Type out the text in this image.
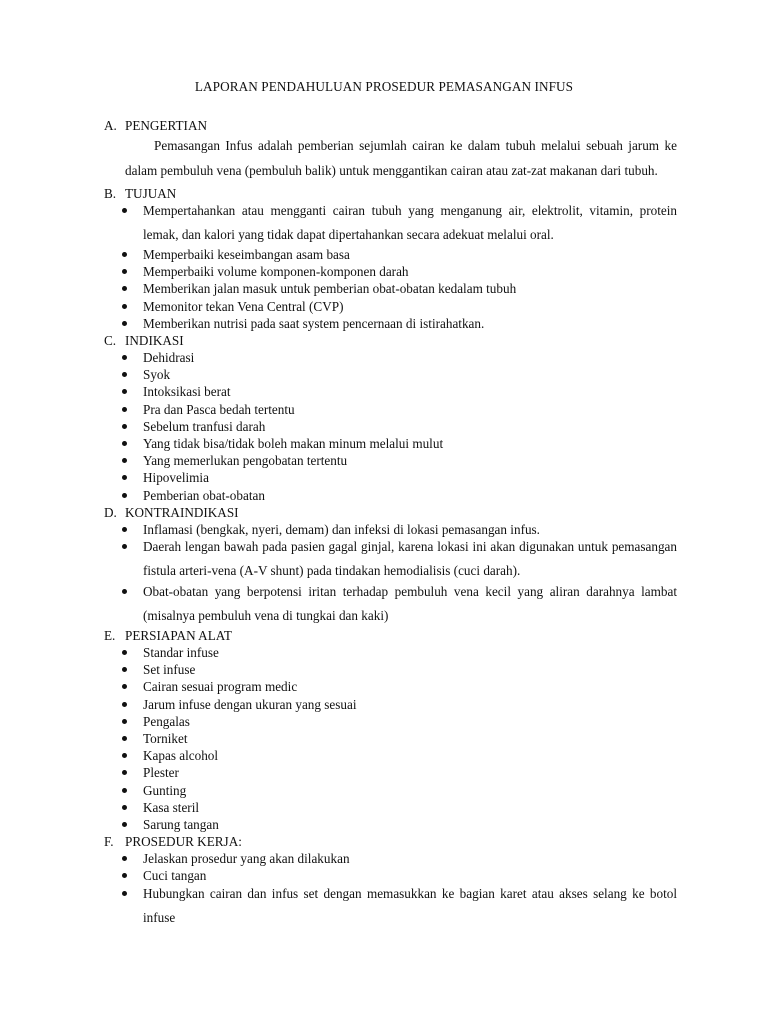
LAPORAN PENDAHULUAN PROSEDUR PEMASANGAN INFUS
A. PENGERTIAN
Pemasangan Infus adalah pemberian sejumlah cairan ke dalam tubuh melalui sebuah jarum ke dalam pembuluh vena (pembuluh balik) untuk menggantikan cairan atau zat-zat makanan dari tubuh.
B. TUJUAN
Mempertahankan atau mengganti cairan tubuh yang menganung air, elektrolit, vitamin, protein lemak, dan kalori yang tidak dapat dipertahankan secara adekuat melalui oral.
Memperbaiki keseimbangan asam basa
Memperbaiki volume komponen-komponen darah
Memberikan jalan masuk untuk pemberian obat-obatan kedalam tubuh
Memonitor tekan Vena Central (CVP)
Memberikan nutrisi pada saat system pencernaan di istirahatkan.
C. INDIKASI
Dehidrasi
Syok
Intoksikasi berat
Pra dan Pasca bedah tertentu
Sebelum tranfusi darah
Yang tidak bisa/tidak boleh makan minum melalui mulut
Yang memerlukan pengobatan tertentu
Hipovelimia
Pemberian obat-obatan
D. KONTRAINDIKASI
Inflamasi (bengkak, nyeri, demam) dan infeksi di lokasi pemasangan infus.
Daerah lengan bawah pada pasien gagal ginjal, karena lokasi ini akan digunakan untuk pemasangan fistula arteri-vena (A-V shunt) pada tindakan hemodialisis (cuci darah).
Obat-obatan yang berpotensi iritan terhadap pembuluh vena kecil yang aliran darahnya lambat (misalnya pembuluh vena di tungkai dan kaki)
E. PERSIAPAN ALAT
Standar infuse
Set infuse
Cairan sesuai program medic
Jarum infuse dengan ukuran yang sesuai
Pengalas
Torniket
Kapas alcohol
Plester
Gunting
Kasa steril
Sarung tangan
F. PROSEDUR KERJA:
Jelaskan prosedur yang akan dilakukan
Cuci tangan
Hubungkan cairan dan infus set dengan memasukkan ke bagian karet atau akses selang ke botol infuse
